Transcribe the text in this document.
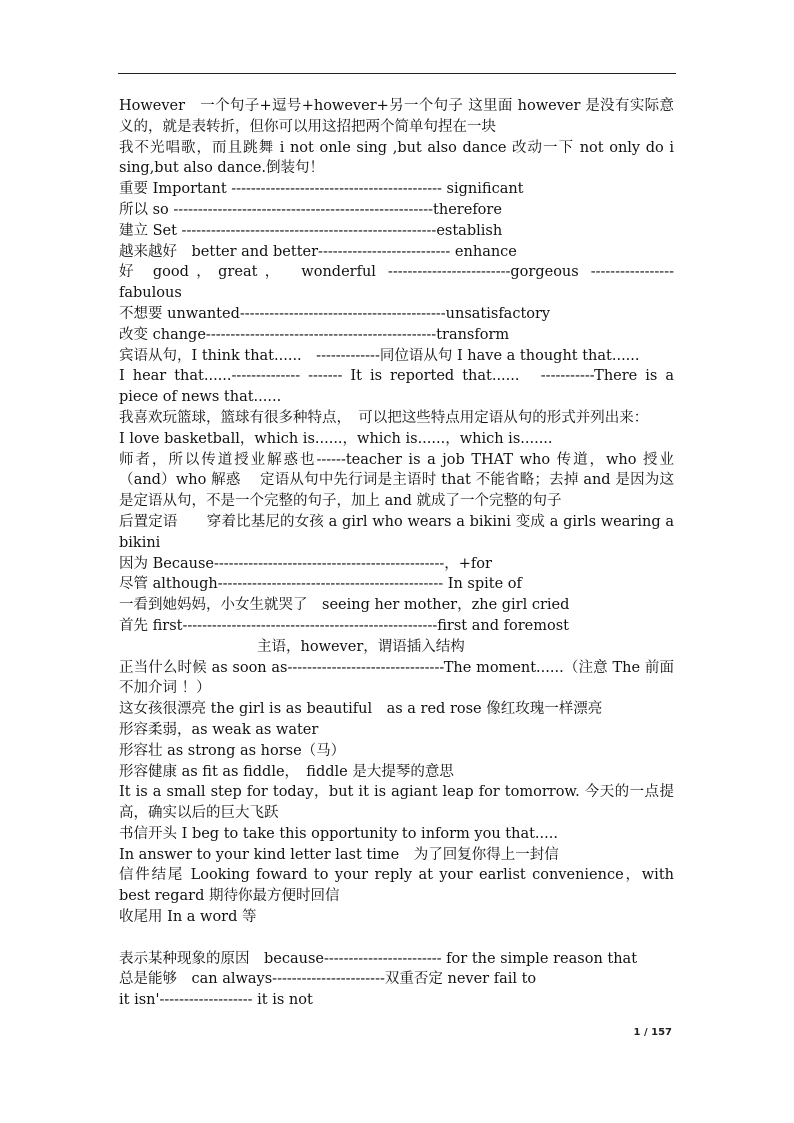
However　一个句子+逗号+however+另一个句子 这里面 however 是没有实际意义的，就是表转折，但你可以用这招把两个简单句捏在一块

我不光唱歌，而且跳舞 i not onle sing ,but also dance 改动一下 not only do i sing,but also dance.倒装句！

重要 Important ------------------------------------------- significant

所以 so -----------------------------------------------------therefore

建立 Set ----------------------------------------------------establish

越来越好　better and better--------------------------- enhance

好 good，great，　wonderful -------------------------gorgeous ----------------- fabulous

不想要 unwanted------------------------------------------unsatisfactory

改变 change-----------------------------------------------transform

宾语从句，I think that......　-------------同位语从句 I have a thought that......

I hear that......-------------- ------- It is reported that......　-----------There is a piece of news that......

我喜欢玩篮球，篮球有很多种特点，　可以把这些特点用定语从句的形式并列出来：

I love basketball，which is......，which is......，which is.......

师者，所以传道授业解惑也------teacher is a job THAT who 传道，who 授业（and）who 解惑　 定语从句中先行词是主语时 that 不能省略；去掉 and 是因为这是定语从句，不是一个完整的句子，加上 and 就成了一个完整的句子

后置定语　　穿着比基尼的女孩 a girl who wears a bikini 变成 a girls wearing a bikini

因为 Because-----------------------------------------------，+for

尽管 although---------------------------------------------- In spite of

一看到她妈妈，小女生就哭了　seeing her mother，zhe girl cried

首先 first----------------------------------------------------first and foremost

主语，however，谓语插入结构

正当什么时候 as soon as--------------------------------The moment......（注意 The 前面不加介词 ！）

这女孩很漂亮 the girl is as beautiful　as a red rose 像红玫瑰一样漂亮

形容柔弱，as weak as water

形容壮 as strong as horse（马）

形容健康 as fit as fiddle，　fiddle 是大提琴的意思

It is a small step for today，but it is agiant leap for tomorrow. 今天的一点提高，确实以后的巨大飞跃

书信开头 I beg to take this opportunity to inform you that.....

In answer to your kind letter last time　为了回复你得上一封信

信件结尾 Looking foward to your reply at your earlist convenience，with best regard 期待你最方便时回信

收尾用 In a word 等

表示某种现象的原因　because------------------------ for the simple reason that

总是能够　can always-----------------------双重否定 never fail to

it isn'------------------- it is not

1 / 157
